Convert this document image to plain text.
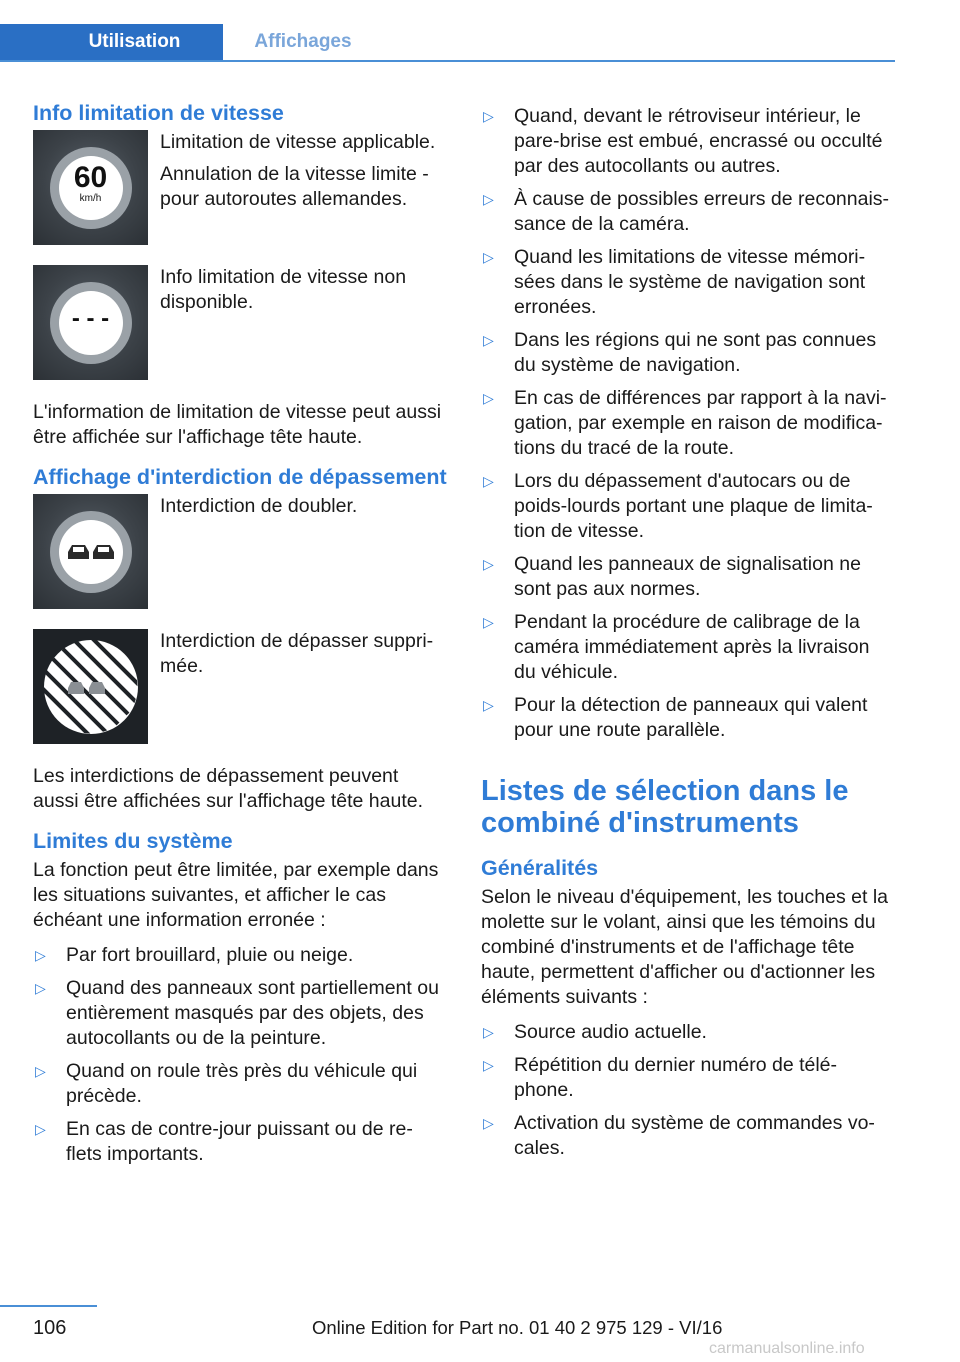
Utilisation	Affichages
Info limitation de vitesse
60
km/h

Limitation de vitesse applicable.

Annulation de la vitesse limite - pour autoroutes allemandes.

- - -

Info limitation de vitesse non disponible.

L'information de limitation de vitesse peut aussi être affichée sur l'affichage tête haute.

Affichage d'interdiction de dépassement

Interdiction de doubler.

Interdiction de dépasser suppri‐ mée.

Les interdictions de dépassement peuvent aussi être affichées sur l'affichage tête haute.

Limites du système

La fonction peut être limitée, par exemple dans les situations suivantes, et afficher le cas échéant une information erronée :

▷ Par fort brouillard, pluie ou neige.
▷ Quand des panneaux sont partiellement ou entièrement masqués par des objets, des autocollants ou de la peinture.
▷ Quand on roule très près du véhicule qui précède.
▷ En cas de contre-jour puissant ou de re‐ flets importants.
▷ Quand, devant le rétroviseur intérieur, le pare-brise est embué, encrassé ou occulté par des autocollants ou autres.
▷ À cause de possibles erreurs de reconnais‐ sance de la caméra.
▷ Quand les limitations de vitesse mémori‐ sées dans le système de navigation sont erronées.
▷ Dans les régions qui ne sont pas connues du système de navigation.
▷ En cas de différences par rapport à la navi‐ gation, par exemple en raison de modifica‐ tions du tracé de la route.
▷ Lors du dépassement d'autocars ou de poids-lourds portant une plaque de limita‐ tion de vitesse.
▷ Quand les panneaux de signalisation ne sont pas aux normes.
▷ Pendant la procédure de calibrage de la caméra immédiatement après la livraison du véhicule.
▷ Pour la détection de panneaux qui valent pour une route parallèle.
Listes de sélection dans le combiné d'instruments
Généralités

Selon le niveau d'équipement, les touches et la molette sur le volant, ainsi que les témoins du combiné d'instruments et de l'affichage tête haute, permettent d'afficher ou d'actionner les éléments suivants :

▷ Source audio actuelle.
▷ Répétition du dernier numéro de télé‐ phone.
▷ Activation du système de commandes vo‐ cales.
106	Online Edition for Part no. 01 40 2 975 129 - VI/16
carmanualsonline.info
